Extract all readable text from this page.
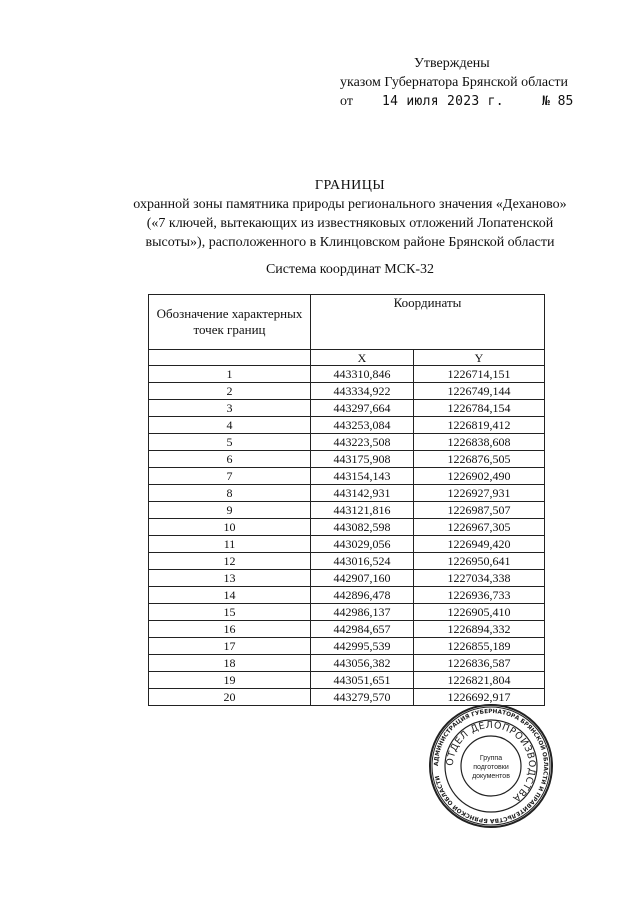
Утверждены
указом Губернатора Брянской области
от	14 июля 2023 г.	№ 85
ГРАНИЦЫ
охранной зоны памятника природы регионального значения «Деханово»
(«7 ключей, вытекающих из известняковых отложений Лопатенской
высоты»), расположенного в Клинцовском районе Брянской области
Система координат МСК-32
Обозначение характерных точек границ	Координаты	
	X	Y
1	443310,846	1226714,151
2	443334,922	1226749,144
3	443297,664	1226784,154
4	443253,084	1226819,412
5	443223,508	1226838,608
6	443175,908	1226876,505
7	443154,143	1226902,490
8	443142,931	1226927,931
9	443121,816	1226987,507
10	443082,598	1226967,305
11	443029,056	1226949,420
12	443016,524	1226950,641
13	442907,160	1227034,338
14	442896,478	1226936,733
15	442986,137	1226905,410
16	442984,657	1226894,332
17	442995,539	1226855,189
18	443056,382	1226836,587
19	443051,651	1226821,804
20	443279,570	1226692,917
АДМИНИСТРАЦИЯ ГУБЕРНАТОРА БРЯНСКОЙ ОБЛАСТИ И ПРАВИТЕЛЬСТВА БРЯНСКОЙ ОБЛАСТИ
ОТДЕЛ ДЕЛОПРОИЗВОДСТВА
Группа
подготовки
документов
